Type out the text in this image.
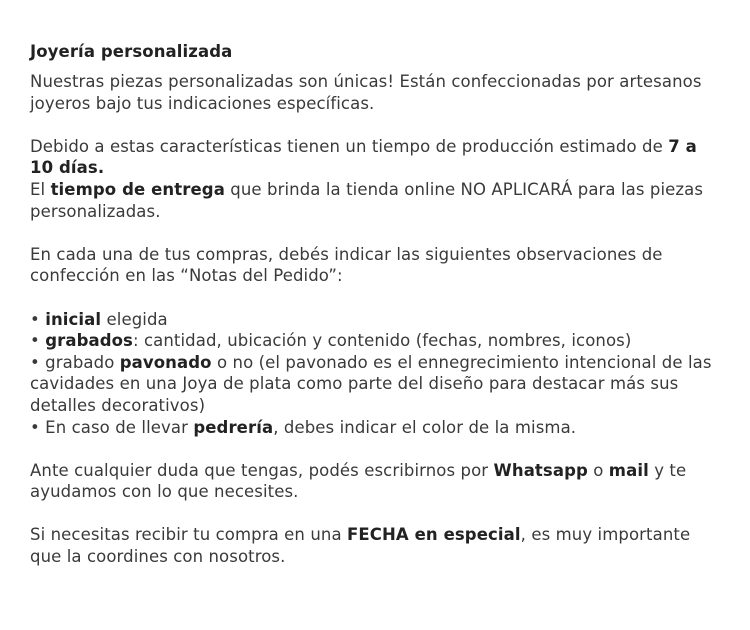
Joyería personalizada

Nuestras piezas personalizadas son únicas! Están confeccionadas por artesanos joyeros bajo tus indicaciones específicas.

Debido a estas características tienen un tiempo de producción estimado de 7 a 10 días.
El tiempo de entrega que brinda la tienda online NO APLICARÁ para las piezas personalizadas.

En cada una de tus compras, debés indicar las siguientes observaciones de confección en las “Notas del Pedido”:

• inicial elegida
• grabados: cantidad, ubicación y contenido (fechas, nombres, iconos)
• grabado pavonado o no (el pavonado es el ennegrecimiento intencional de las cavidades en una Joya de plata como parte del diseño para destacar más sus detalles decorativos)
• En caso de llevar pedrería, debes indicar el color de la misma.

Ante cualquier duda que tengas, podés escribirnos por Whatsapp o mail y te ayudamos con lo que necesites.

Si necesitas recibir tu compra en una FECHA en especial, es muy importante que la coordines con nosotros.
